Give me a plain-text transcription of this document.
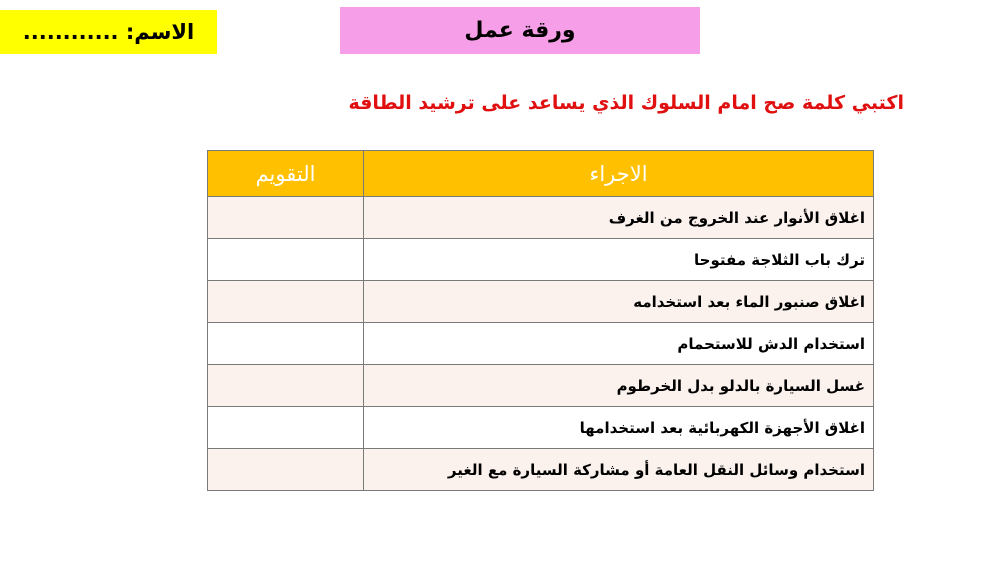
الاسم: ............	ورقة عمل
اكتبي كلمة صح امام السلوك الذي يساعد على ترشيد الطاقة
الاجراء	التقويم
اغلاق الأنوار عند الخروج من الغرف	
ترك باب الثلاجة مفتوحا	
اغلاق صنبور الماء بعد استخدامه	
استخدام الدش للاستحمام	
غسل السيارة بالدلو بدل الخرطوم	
اغلاق الأجهزة الكهربائية بعد استخدامها	
استخدام وسائل النقل العامة أو مشاركة السيارة مع الغير	
